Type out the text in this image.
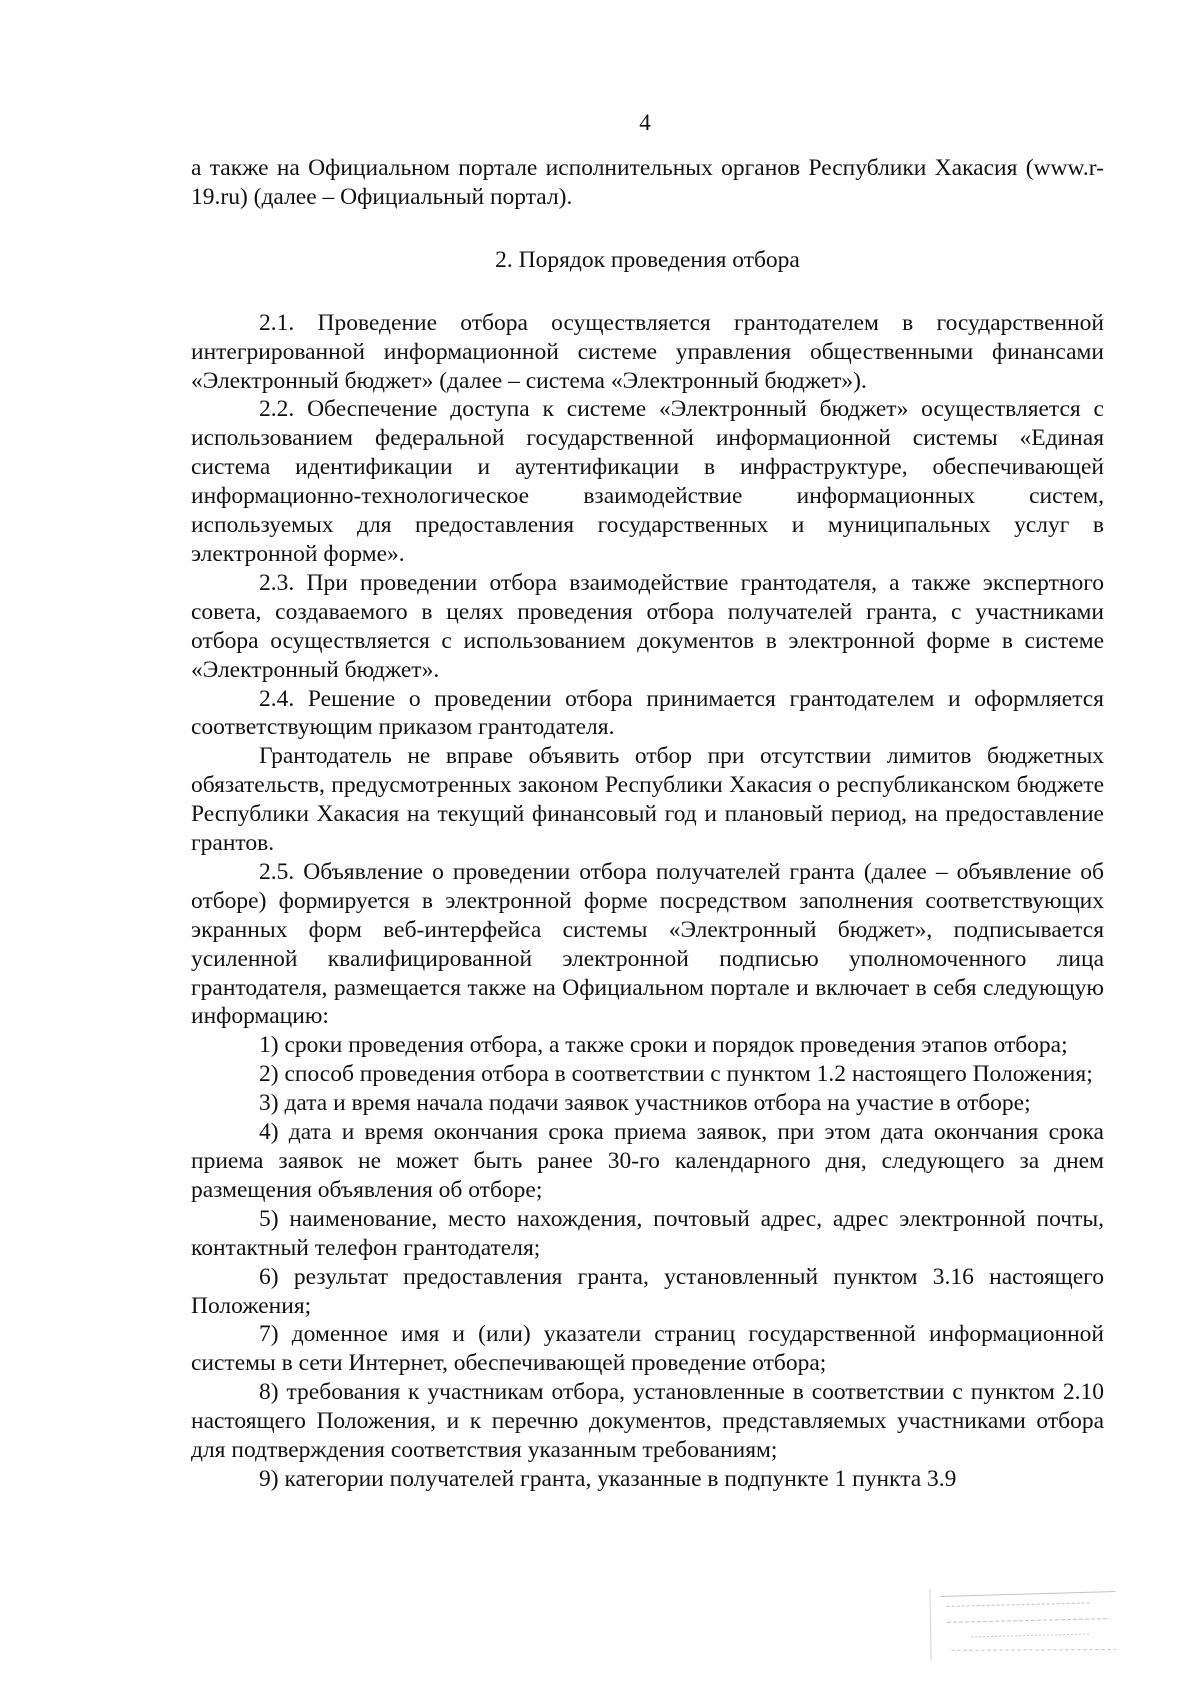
4

а также на Официальном портале исполнительных органов Республики Хакасия (www.r-19.ru) (далее – Официальный портал).

2. Порядок проведения отбора

2.1. Проведение отбора осуществляется грантодателем в государственной интегрированной информационной системе управления общественными финансами «Электронный бюджет» (далее – система «Электронный бюджет»).

2.2. Обеспечение доступа к системе «Электронный бюджет» осуществляется с использованием федеральной государственной информационной системы «Единая система идентификации и аутентификации в инфраструктуре, обеспечивающей информационно-технологическое взаимодействие информационных систем, используемых для предоставления государственных и муниципальных услуг в электронной форме».

2.3. При проведении отбора взаимодействие грантодателя, а также экспертного совета, создаваемого в целях проведения отбора получателей гранта, с участниками отбора осуществляется с использованием документов в электронной форме в системе «Электронный бюджет».

2.4. Решение о проведении отбора принимается грантодателем и оформляется соответствующим приказом грантодателя.

Грантодатель не вправе объявить отбор при отсутствии лимитов бюджетных обязательств, предусмотренных законом Республики Хакасия о республиканском бюджете Республики Хакасия на текущий финансовый год и плановый период, на предоставление грантов.

2.5. Объявление о проведении отбора получателей гранта (далее – объявление об отборе) формируется в электронной форме посредством заполнения соответствующих экранных форм веб-интерфейса системы «Электронный бюджет», подписывается усиленной квалифицированной электронной подписью уполномоченного лица грантодателя, размещается также на Официальном портале и включает в себя следующую информацию:

1) сроки проведения отбора, а также сроки и порядок проведения этапов отбора;

2) способ проведения отбора в соответствии с пунктом 1.2 настоящего Положения;

3) дата и время начала подачи заявок участников отбора на участие в отборе;

4) дата и время окончания срока приема заявок, при этом дата окончания срока приема заявок не может быть ранее 30-го календарного дня, следующего за днем размещения объявления об отборе;

5) наименование, место нахождения, почтовый адрес, адрес электронной почты, контактный телефон грантодателя;

6) результат предоставления гранта, установленный пунктом 3.16 настоящего Положения;

7) доменное имя и (или) указатели страниц государственной информационной системы в сети Интернет, обеспечивающей проведение отбора;

8) требования к участникам отбора, установленные в соответствии с пунктом 2.10 настоящего Положения, и к перечню документов, представляемых участниками отбора для подтверждения соответствия указанным требованиям;

9) категории получателей гранта, указанные в подпункте 1 пункта 3.9
